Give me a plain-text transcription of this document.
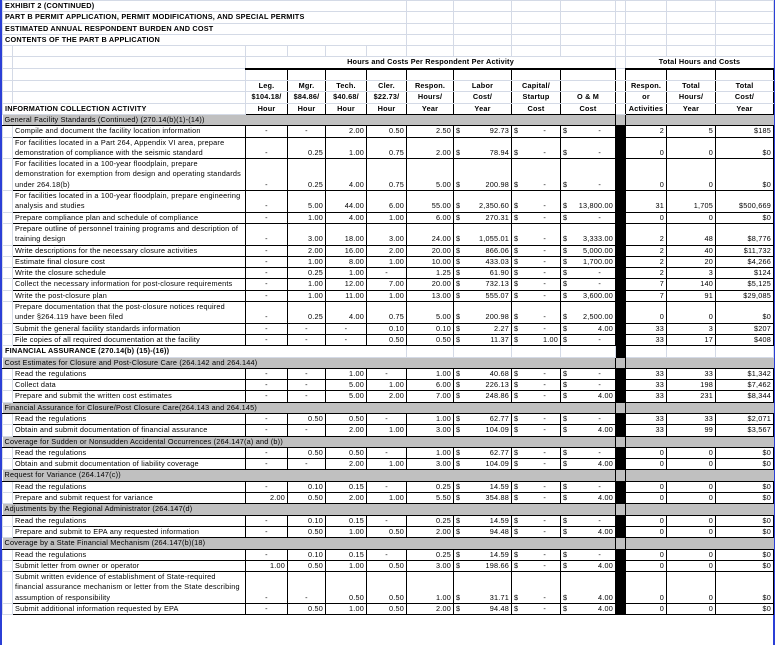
EXHIBIT 2 (CONTINUED)													
PART B PERMIT APPLICATION, PERMIT MODIFICATIONS, AND SPECIAL PERMITS													
ESTIMATED ANNUAL RESPONDENT BURDEN AND COST													
CONTENTS OF THE PART B APPLICATION													

		Hours and Costs Per Respondent Per Activity									Total Hours and Costs		

		Leg.	Mgr.	Tech.	Cler.	Respon.	Labor	Capital/			Respon.	Total	Total
		$104.18/	$84.86/	$40.68/	$22.73/	Hours/	Cost/	Startup	O & M		or	Hours/	Cost/
INFORMATION COLLECTION ACTIVITY		Hour	Hour	Hour	Hour	Year	Year	Cost	Cost		Activities	Year	Year
General Facility Standards (Continued) (270.14(b)(1)-(14))													
	Compile and document the facility location information	-	-	2.00	0.50	2.50	$ 92.73	$ -	$ -		2	5	$185
	For facilities located in a Part 264, Appendix VI area, prepare demonstration of compliance with the seismic standard	-	0.25	1.00	0.75	2.00	$ 78.94	$ -	$ -		0	0	$0
	For facilities located in a 100-year floodplain, prepare demonstration for exemption from design and operating standards under 264.18(b)	-	0.25	4.00	0.75	5.00	$ 200.98	$ -	$ -		0	0	$0
	For facilities located in a 100-year floodplain, prepare engineering analysis and studies	-	5.00	44.00	6.00	55.00	$ 2,350.60	$ -	$ 13,800.00		31	1,705	$500,669
	Prepare compliance plan and schedule of compliance	-	1.00	4.00	1.00	6.00	$ 270.31	$ -	$ -		0	0	$0
	Prepare outline of personnel training programs and description of training design	-	3.00	18.00	3.00	24.00	$ 1,055.01	$ -	$ 3,333.00		2	48	$8,776
	Write descriptions for the necessary closure activities	-	2.00	16.00	2.00	20.00	$ 866.06	$ -	$ 5,000.00		2	40	$11,732
	Estimate final closure cost	-	1.00	8.00	1.00	10.00	$ 433.03	$ -	$ 1,700.00		2	20	$4,266
	Write the closure schedule	-	0.25	1.00	-	1.25	$ 61.90	$ -	$ -		2	3	$124
	Collect the necessary information for post-closure requirements	-	1.00	12.00	7.00	20.00	$ 732.13	$ -	$ -		7	140	$5,125
	Write the post-closure plan	-	1.00	11.00	1.00	13.00	$ 555.07	$ -	$ 3,600.00		7	91	$29,085
	Prepare documentation that the post-closure notices required under §264.119 have been filed	-	0.25	4.00	0.75	5.00	$ 200.98	$ -	$ 2,500.00		0	0	$0
	Submit the general facility standards information	-	-	-	0.10	0.10	$ 2.27	$ -	$ 4.00		33	3	$207
	File copies of all required documentation at the facility	-	-	-	0.50	0.50	$ 11.37	$ 1.00	$ -		33	17	$408
FINANCIAL ASSURANCE (270.14(b) (15)-(16))													
Cost Estimates for Closure and Post-Closure Care (264.142 and 264.144)													
	Read the regulations	-	-	1.00	-	1.00	$ 40.68	$ -	$ -		33	33	$1,342
	Collect data	-	-	5.00	1.00	6.00	$ 226.13	$ -	$ -		33	198	$7,462
	Prepare and submit the written cost estimates	-	-	5.00	2.00	7.00	$ 248.86	$ -	$ 4.00		33	231	$8,344
Financial Assurance for Closure/Post Closure Care(264.143 and 264.145)													
	Read the regulations	-	0.50	0.50	-	1.00	$ 62.77	$ -	$ -		33	33	$2,071
	Obtain and submit documentation of financial assurance	-	-	2.00	1.00	3.00	$ 104.09	$ -	$ 4.00		33	99	$3,567
Coverage for Sudden or Nonsudden Accidental Occurrences (264.147(a) and (b))													
	Read the regulations	-	0.50	0.50	-	1.00	$ 62.77	$ -	$ -		0	0	$0
	Obtain and submit documentation of liability coverage	-	-	2.00	1.00	3.00	$ 104.09	$ -	$ 4.00		0	0	$0
Request for Variance (264.147(c))													
	Read the regulations	-	0.10	0.15	-	0.25	$ 14.59	$ -	$ -		0	0	$0
	Prepare and submit request for variance	2.00	0.50	2.00	1.00	5.50	$ 354.88	$ -	$ 4.00		0	0	$0
Adjustments by the Regional Administrator (264.147(d)													
	Read the regulations	-	0.10	0.15	-	0.25	$ 14.59	$ -	$ -		0	0	$0
	Prepare and submit to EPA any requested information	-	0.50	1.00	0.50	2.00	$ 94.48	$ -	$ 4.00		0	0	$0
Coverage by a State Financial Mechanism (264.147(b)(18)													
	Read the regulations	-	0.10	0.15	-	0.25	$ 14.59	$ -	$ -		0	0	$0
	Submit letter from owner or operator	1.00	0.50	1.00	0.50	3.00	$ 198.66	$ -	$ 4.00		0	0	$0
	Submit written evidence of establishment of State-required financial assurance mechanism or letter from the State describing assumption of responsibility	-	-	0.50	0.50	1.00	$ 31.71	$ -	$ 4.00		0	0	$0
	Submit additional information requested by EPA	-	0.50	1.00	0.50	2.00	$ 94.48	$ -	$ 4.00		0	0	$0
